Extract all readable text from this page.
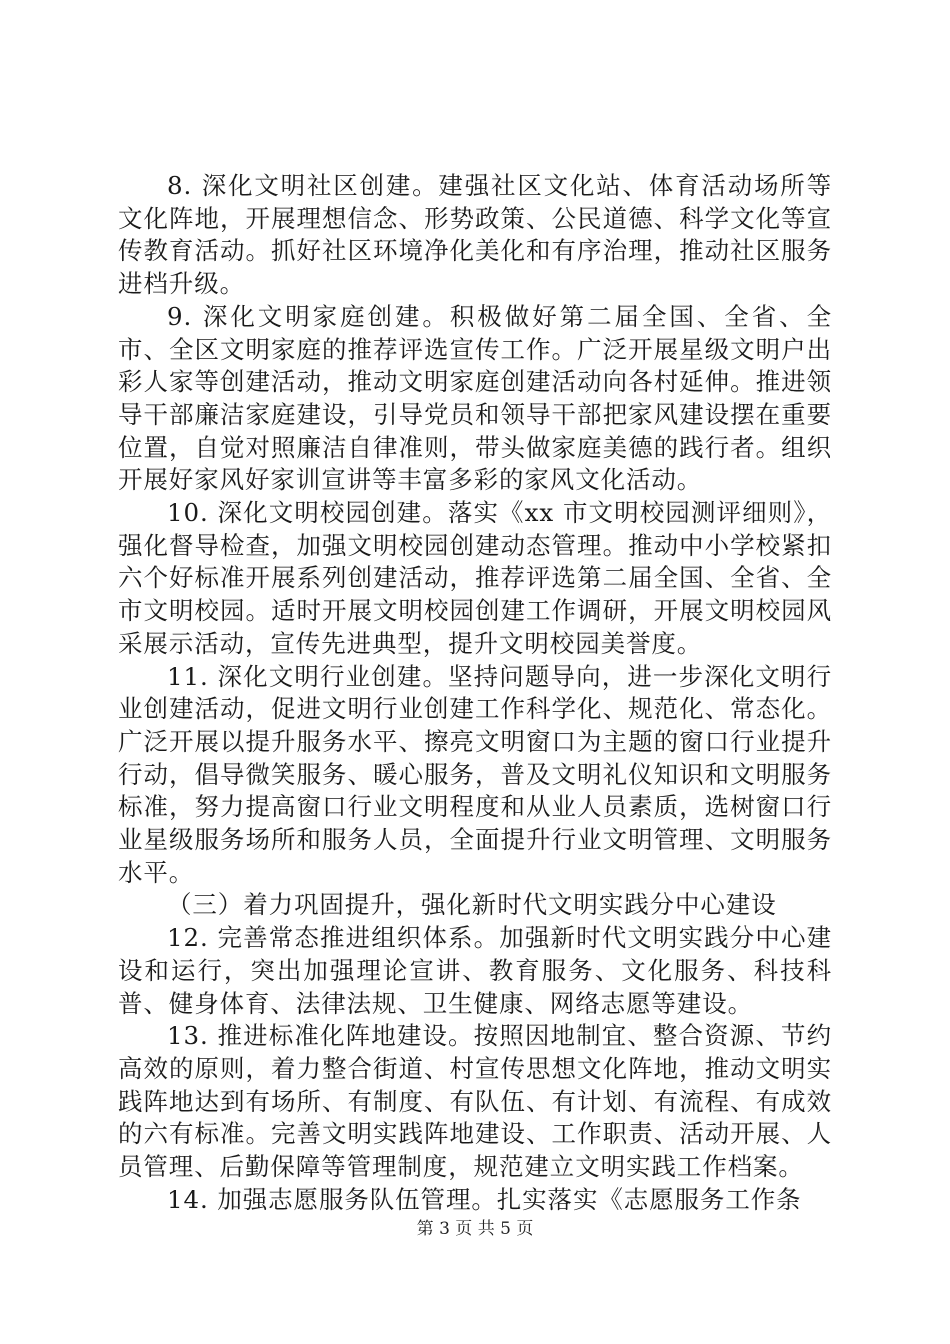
8. 深化文明社区创建。建强社区文化站、体育活动场所等文化阵地，开展理想信念、形势政策、公民道德、科学文化等宣传教育活动。抓好社区环境净化美化和有序治理，推动社区服务进档升级。

9. 深化文明家庭创建。积极做好第二届全国、全省、全市、全区文明家庭的推荐评选宣传工作。广泛开展星级文明户出彩人家等创建活动，推动文明家庭创建活动向各村延伸。推进领导干部廉洁家庭建设，引导党员和领导干部把家风建设摆在重要位置，自觉对照廉洁自律准则，带头做家庭美德的践行者。组织开展好家风好家训宣讲等丰富多彩的家风文化活动。

10. 深化文明校园创建。落实《xx 市文明校园测评细则》，强化督导检查，加强文明校园创建动态管理。推动中小学校紧扣六个好标准开展系列创建活动，推荐评选第二届全国、全省、全市文明校园。适时开展文明校园创建工作调研，开展文明校园风采展示活动，宣传先进典型，提升文明校园美誉度。

11. 深化文明行业创建。坚持问题导向，进一步深化文明行业创建活动，促进文明行业创建工作科学化、规范化、常态化。广泛开展以提升服务水平、擦亮文明窗口为主题的窗口行业提升行动，倡导微笑服务、暖心服务，普及文明礼仪知识和文明服务标准，努力提高窗口行业文明程度和从业人员素质，选树窗口行业星级服务场所和服务人员，全面提升行业文明管理、文明服务水平。

（三）着力巩固提升，强化新时代文明实践分中心建设

12. 完善常态推进组织体系。加强新时代文明实践分中心建设和运行，突出加强理论宣讲、教育服务、文化服务、科技科普、健身体育、法律法规、卫生健康、网络志愿等建设。

13. 推进标准化阵地建设。按照因地制宜、整合资源、节约高效的原则，着力整合街道、村宣传思想文化阵地，推动文明实践阵地达到有场所、有制度、有队伍、有计划、有流程、有成效的六有标准。完善文明实践阵地建设、工作职责、活动开展、人员管理、后勤保障等管理制度，规范建立文明实践工作档案。

14. 加强志愿服务队伍管理。扎实落实《志愿服务工作条

第 3 页 共 5 页
